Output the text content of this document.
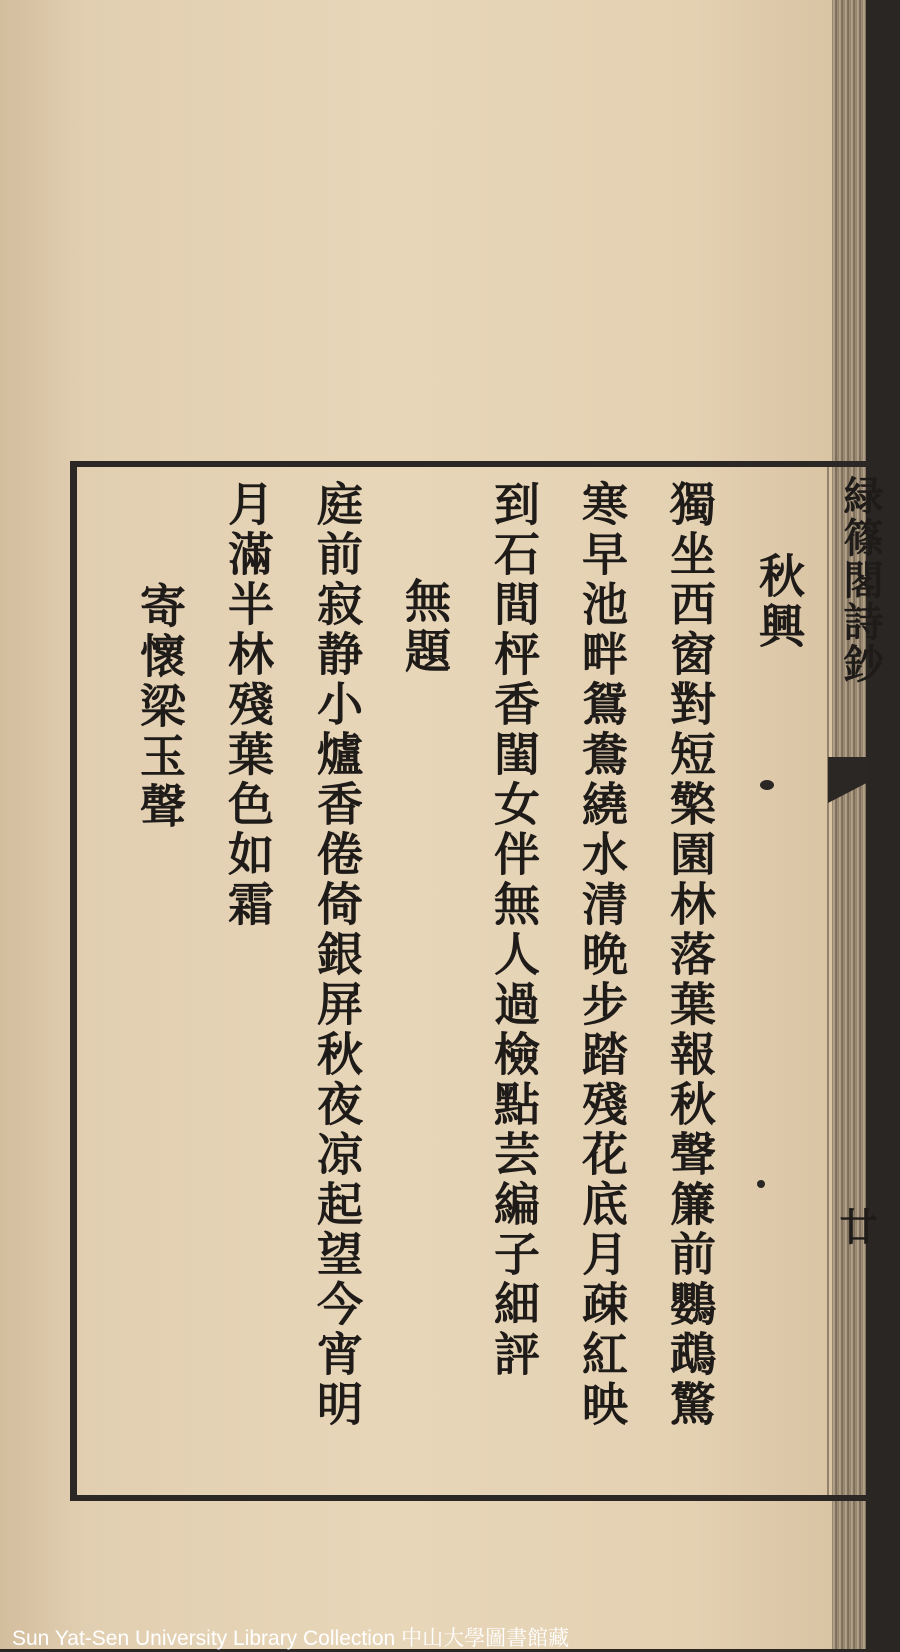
緑篠閣詩鈔
廿
秋興
獨坐西窗對短檠園林落葉報秋聲簾前鸚鵡驚
寒早池畔鴛鴦繞水清晩步踏殘花底月疎紅映
到石間枰香閨女伴無人過檢點芸編子細評
無題
庭前寂静小爐香倦倚銀屏秋夜凉起望今宵明
月滿半林殘葉色如霜
寄懷梁玉聲
Sun Yat-Sen University Library Collection 中山大學圖書館藏
